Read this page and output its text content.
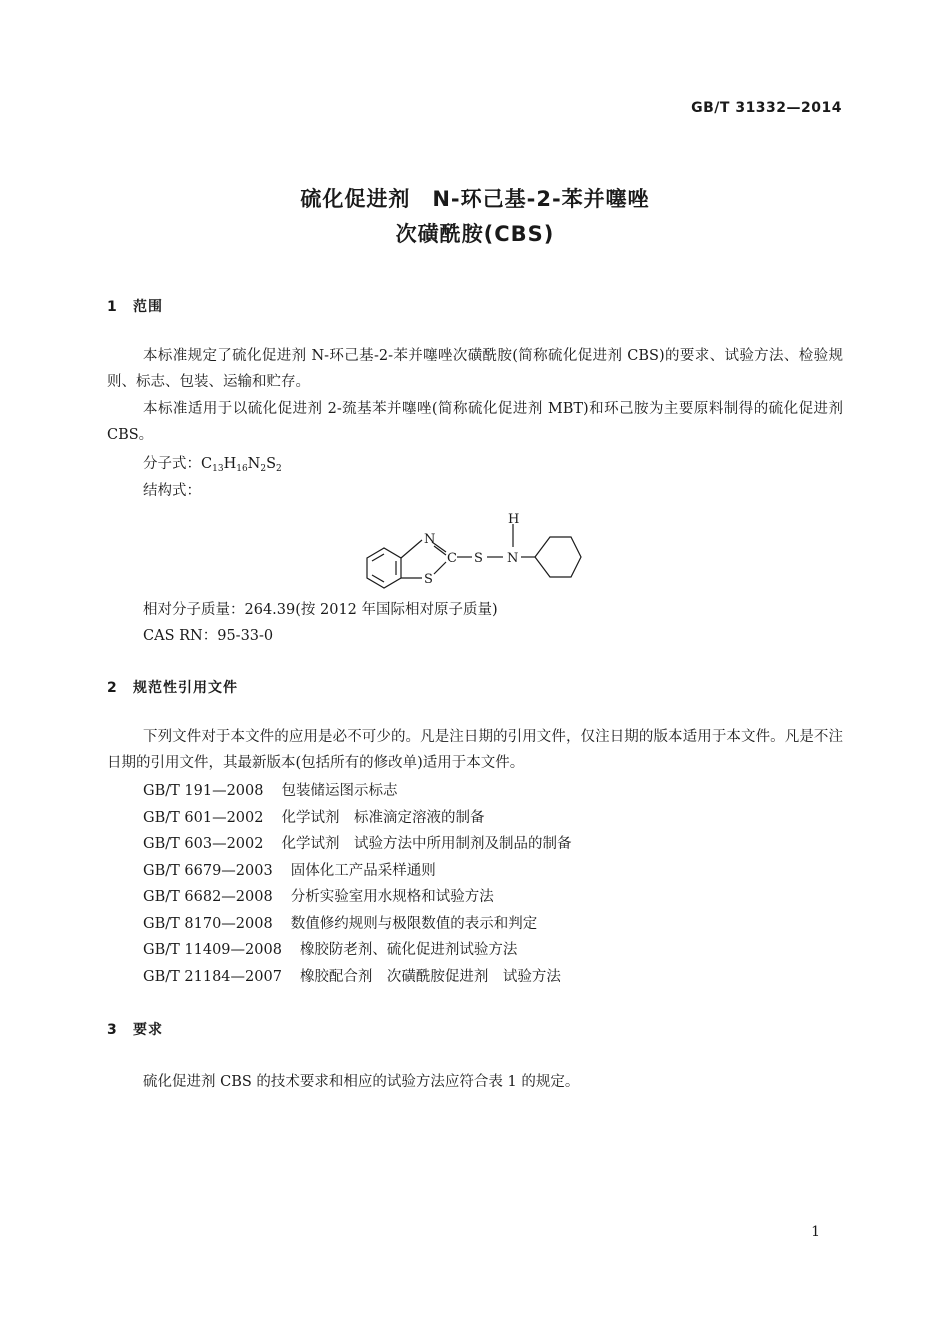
GB/T 31332—2014
硫化促进剂　N-环己基-2-苯并噻唑
次磺酰胺(CBS)
1 范围
本标准规定了硫化促进剂 N-环己基-2-苯并噻唑次磺酰胺(简称硫化促进剂 CBS)的要求、试验方法、检验规则、标志、包装、运输和贮存。
本标准适用于以硫化促进剂 2-巯基苯并噻唑(简称硫化促进剂 MBT)和环己胺为主要原料制得的硫化促进剂 CBS。
分子式：$C_{13}H_{16}N_2S_2$
结构式：
N
S
C S N
H
相对分子质量：264.39(按 2012 年国际相对原子质量)
CAS RN：95-33-0
2 规范性引用文件
下列文件对于本文件的应用是必不可少的。凡是注日期的引用文件，仅注日期的版本适用于本文件。凡是不注日期的引用文件，其最新版本(包括所有的修改单)适用于本文件。
GB/T 191—2008 包装储运图示标志
GB/T 601—2002 化学试剂　标准滴定溶液的制备
GB/T 603—2002 化学试剂　试验方法中所用制剂及制品的制备
GB/T 6679—2003 固体化工产品采样通则
GB/T 6682—2008 分析实验室用水规格和试验方法
GB/T 8170—2008 数值修约规则与极限数值的表示和判定
GB/T 11409—2008 橡胶防老剂、硫化促进剂试验方法
GB/T 21184—2007 橡胶配合剂　次磺酰胺促进剂　试验方法
3 要求
硫化促进剂 CBS 的技术要求和相应的试验方法应符合表 1 的规定。
1
